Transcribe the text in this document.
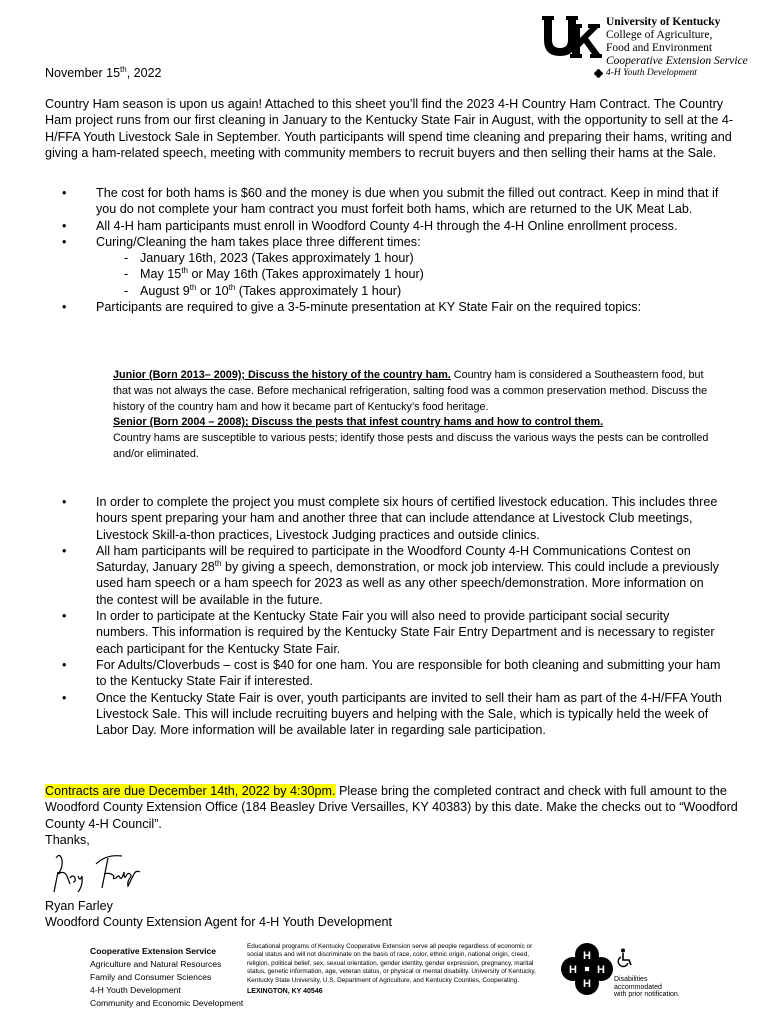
University of Kentucky
College of Agriculture,
Food and Environment
Cooperative Extension Service
4-H Youth Development
November 15th, 2022
Country Ham season is upon us again! Attached to this sheet you’ll find the 2023 4-H Country Ham Contract. The Country Ham project runs from our first cleaning in January to the Kentucky State Fair in August, with the opportunity to sell at the 4-H/FFA Youth Livestock Sale in September. Youth participants will spend time cleaning and preparing their hams, writing and giving a ham-related speech, meeting with community members to recruit buyers and then selling their hams at the Sale.
• The cost for both hams is $60 and the money is due when you submit the filled out contract. Keep in mind that if you do not complete your ham contract you must forfeit both hams, which are returned to the UK Meat Lab.
• All 4-H ham participants must enroll in Woodford County 4-H through the 4-H Online enrollment process.
• Curing/Cleaning the ham takes place three different times:
- January 16th, 2023 (Takes approximately 1 hour)
- May 15th or May 16th (Takes approximately 1 hour)
- August 9th or 10th (Takes approximately 1 hour)
• Participants are required to give a 3-5-minute presentation at KY State Fair on the required topics:
Junior (Born 2013– 2009); Discuss the history of the country ham. Country ham is considered a Southeastern food, but that was not always the case. Before mechanical refrigeration, salting food was a common preservation method. Discuss the history of the country ham and how it became part of Kentucky’s food heritage.
Senior (Born 2004 – 2008); Discuss the pests that infest country hams and how to control them.
Country hams are susceptible to various pests; identify those pests and discuss the various ways the pests can be controlled and/or eliminated.
• In order to complete the project you must complete six hours of certified livestock education. This includes three hours spent preparing your ham and another three that can include attendance at Livestock Club meetings, Livestock Skill-a-thon practices, Livestock Judging practices and outside clinics.
• All ham participants will be required to participate in the Woodford County 4-H Communications Contest on Saturday, January 28th by giving a speech, demonstration, or mock job interview. This could include a previously used ham speech or a ham speech for 2023 as well as any other speech/demonstration. More information on the contest will be available in the future.
• In order to participate at the Kentucky State Fair you will also need to provide participant social security numbers. This information is required by the Kentucky State Fair Entry Department and is necessary to register each participant for the Kentucky State Fair.
• For Adults/Cloverbuds – cost is $40 for one ham. You are responsible for both cleaning and submitting your ham to the Kentucky State Fair if interested.
• Once the Kentucky State Fair is over, youth participants are invited to sell their ham as part of the 4-H/FFA Youth Livestock Sale. This will include recruiting buyers and helping with the Sale, which is typically held the week of Labor Day. More information will be available later in regarding sale participation.
Contracts are due December 14th, 2022 by 4:30pm. Please bring the completed contract and check with full amount to the Woodford County Extension Office (184 Beasley Drive Versailles, KY 40383) by this date. Make the checks out to “Woodford County 4-H Council”.
Thanks,
Ryan Farley
Woodford County Extension Agent for 4-H Youth Development
Cooperative Extension Service
Agriculture and Natural Resources
Family and Consumer Sciences
4-H Youth Development
Community and Economic Development
Educational programs of Kentucky Cooperative Extension serve all people regardless of economic or social status and will not discriminate on the basis of race, color, ethnic origin, national origin, creed, religion, political belief, sex, sexual orientation, gender identity, gender expression, pregnancy, marital status, genetic information, age, veteran status, or physical or mental disability. University of Kentucky, Kentucky State University, U.S. Department of Agriculture, and Kentucky Counties, Cooperating.
LEXINGTON, KY 40546
H
H
H H
Disabilities
accommodated
with prior notification.
